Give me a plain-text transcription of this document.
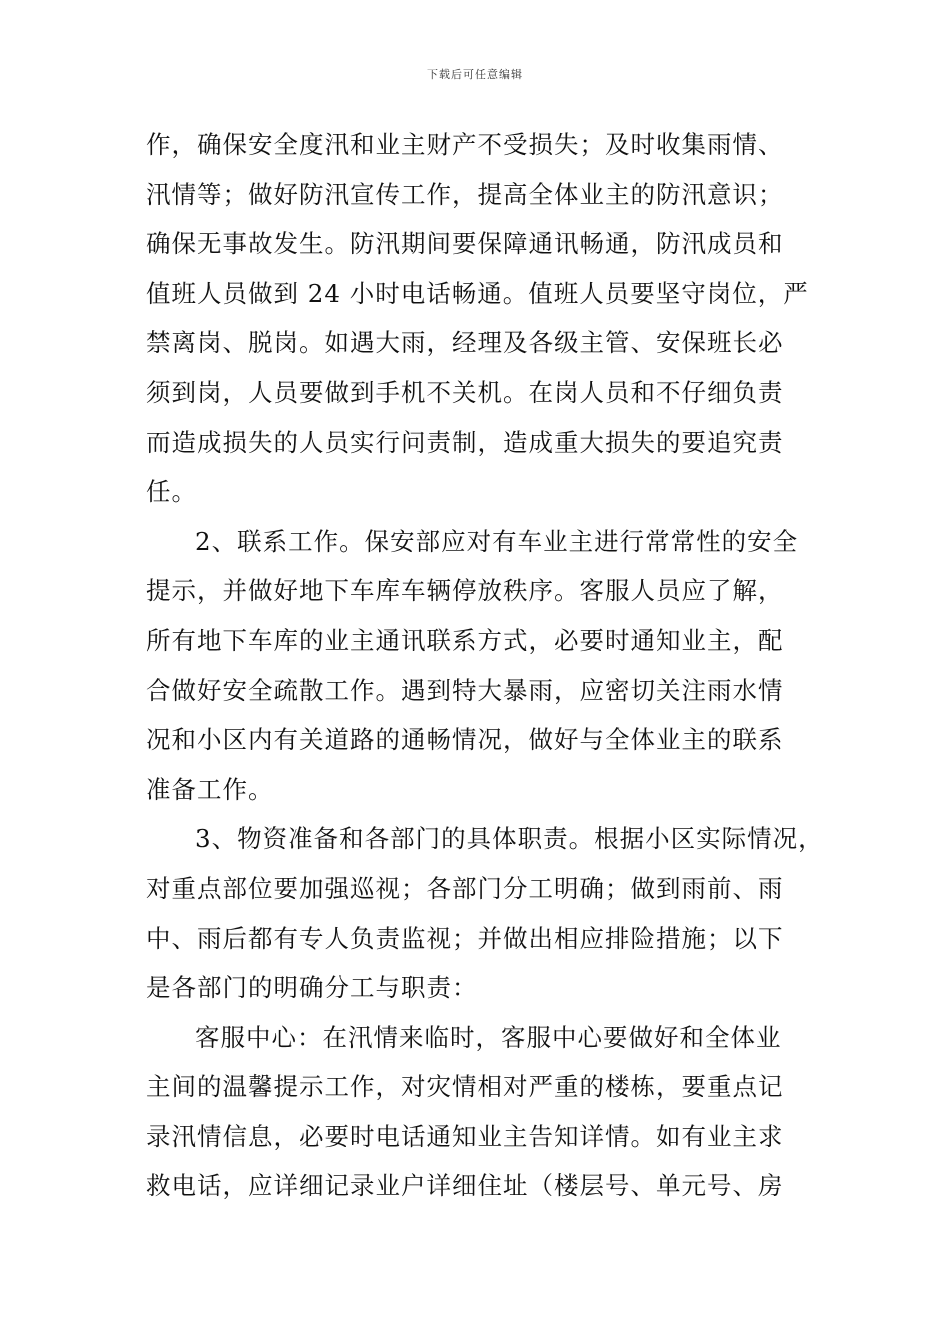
下载后可任意编辑
作，确保安全度汛和业主财产不受损失；及时收集雨情、
汛情等；做好防汛宣传工作，提高全体业主的防汛意识；
确保无事故发生。防汛期间要保障通讯畅通，防汛成员和
值班人员做到 24 小时电话畅通。值班人员要坚守岗位，严
禁离岗、脱岗。如遇大雨，经理及各级主管、安保班长必
须到岗，人员要做到手机不关机。在岗人员和不仔细负责
而造成损失的人员实行问责制，造成重大损失的要追究责
任。
2、联系工作。保安部应对有车业主进行常常性的安全
提示，并做好地下车库车辆停放秩序。客服人员应了解，
所有地下车库的业主通讯联系方式，必要时通知业主，配
合做好安全疏散工作。遇到特大暴雨，应密切关注雨水情
况和小区内有关道路的通畅情况，做好与全体业主的联系
准备工作。
3、物资准备和各部门的具体职责。根据小区实际情况，
对重点部位要加强巡视；各部门分工明确；做到雨前、雨
中、雨后都有专人负责监视；并做出相应排险措施；以下
是各部门的明确分工与职责：
客服中心：在汛情来临时，客服中心要做好和全体业
主间的温馨提示工作，对灾情相对严重的楼栋，要重点记
录汛情信息，必要时电话通知业主告知详情。如有业主求
救电话，应详细记录业户详细住址（楼层号、单元号、房
